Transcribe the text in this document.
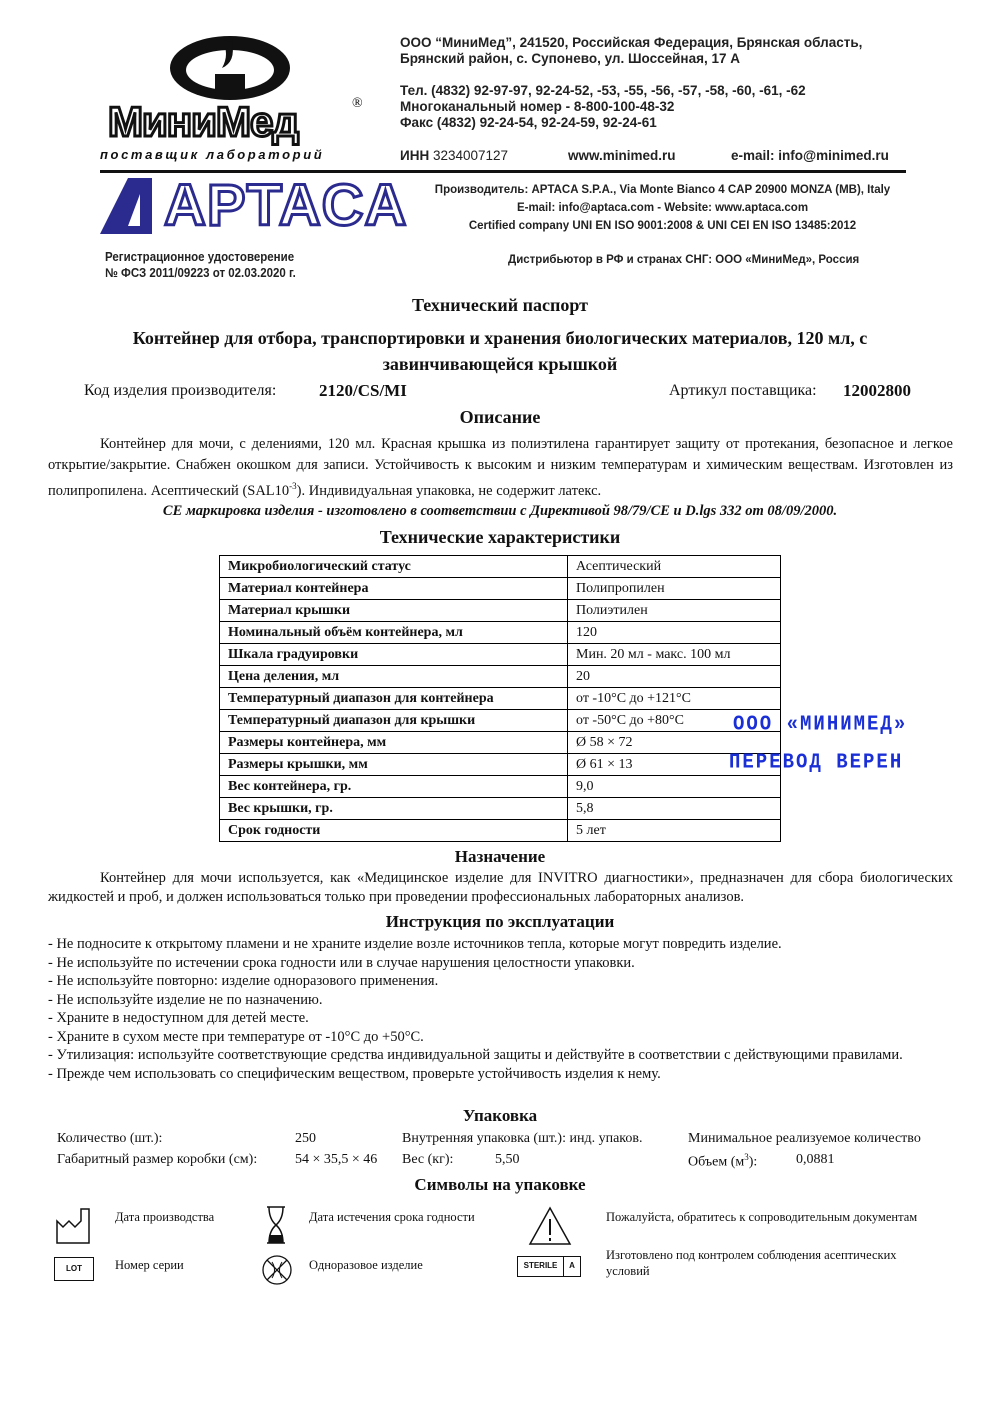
МиниМед	®
поставщик лабораторий
ООО “МиниМед”, 241520, Российская Федерация, Брянская область,
Брянский район, с. Супонево, ул. Шоссейная, 17 А
Тел. (4832) 92-97-97, 92-24-52, -53, -55, -56, -57, -58, -60, -61, -62
Многоканальный номер - 8-800-100-48-32
Факс (4832) 92-24-54, 92-24-59, 92-24-61
ИНН 3234007127	www.minimed.ru	e-mail: info@minimed.ru
APTACA	Производитель: APTACA S.P.A., Via Monte Bianco 4 CAP 20900 MONZA (MB), Italy
E-mail: info@aptaca.com - Website: www.aptaca.com
Certified company UNI EN ISO 9001:2008 & UNI CEI EN ISO 13485:2012
Регистрационное удостоверение
№ ФСЗ 2011/09223 от 02.03.2020 г.
Дистрибьютор в РФ и странах СНГ: ООО «МиниМед», Россия
Технический паспорт
Контейнер для отбора, транспортировки и хранения биологических материалов, 120 мл, с
завинчивающейся крышкой
Код изделия производителя:	2120/CS/MI	Артикул поставщика: 12002800
Описание
Контейнер для мочи, с делениями, 120 мл. Красная крышка из полиэтилена гарантирует защиту от протекания, безопасное и легкое открытие/закрытие. Снабжен окошком для записи. Устойчивость к высоким и низким температурам и химическим веществам. Изготовлен из полипропилена. Асептический $(SAL10^{-3})$. Индивидуальная упаковка, не содержит латекс.
CE маркировка изделия - изготовлено в соответствии с Директивой 98/79/CE и D.lgs 332 от 08/09/2000.
Технические характеристики
Микробиологический статус	Асептический
Материал контейнера	Полипропилен
Материал крышки	Полиэтилен
Номинальный объём контейнера, мл	120
Шкала градуировки	Мин. 20 мл - макс. 100 мл
Цена деления, мл	20
Температурный диапазон для контейнера	от -10°C до +121°C
Температурный диапазон для крышки	от -50°C до +80°C
Размеры контейнера, мм	Ø 58 × 72
Размеры крышки, мм	Ø 61 × 13
Вес контейнера, гр.	9,0
Вес крышки, гр.	5,8
Срок годности	5 лет
ООО «МИНИМЕД»
ПЕРЕВОД ВЕРЕН
Назначение
Контейнер для мочи используется, как «Медицинское изделие для INVITRO диагностики», предназначен для сбора биологических жидкостей и проб, и должен использоваться только при проведении профессиональных лабораторных анализов.
Инструкция по эксплуатации
- Не подносите к открытому пламени и не храните изделие возле источников тепла, которые могут повредить изделие.
- Не используйте по истечении срока годности или в случае нарушения целостности упаковки.
- Не используйте повторно: изделие одноразового применения.
- Не используйте изделие не по назначению.
- Храните в недоступном для детей месте.
- Храните в сухом месте при температуре от -10°C до +50°C.
- Утилизация: используйте соответствующие средства индивидуальной защиты и действуйте в соответствии с действующими правилами.
- Прежде чем использовать со специфическим веществом, проверьте устойчивость изделия к нему.
Упаковка
Количество (шт.):	250	Внутренняя упаковка (шт.): инд. упаков.	Минимальное реализуемое количество
Габаритный размер коробки (см):	54 × 35,5 × 46 Вес (кг):	5,50	Объем $(м^3)$:	0,0881
Символы на упаковке
Дата производства	Дата истечения срока годности	Пожалуйста, обратитесь к сопроводительным документам
LOT	Номер серии	Одноразовое изделие	STERILE	A
Изготовлено под контролем соблюдения асептических условий
